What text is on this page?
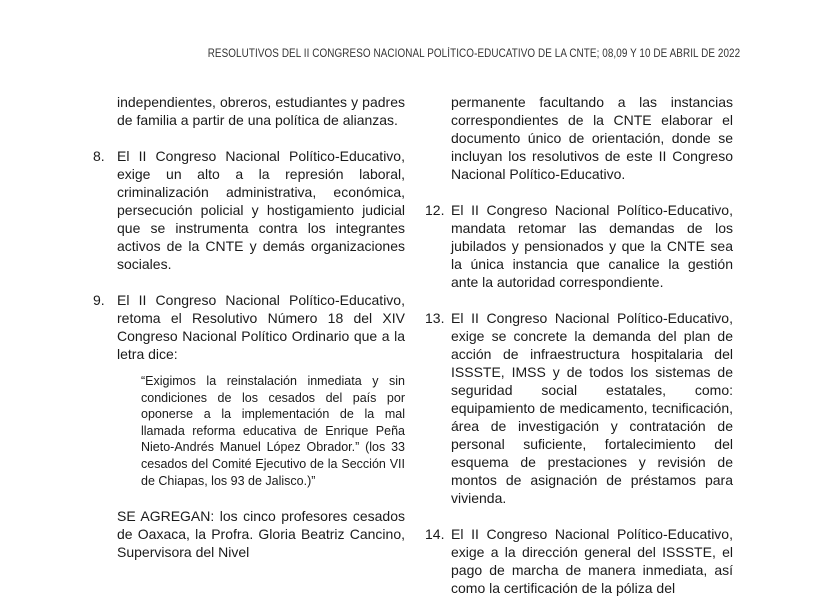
RESOLUTIVOS DEL II CONGRESO NACIONAL POLÍTICO-EDUCATIVO DE LA CNTE; 08,09 Y 10 DE ABRIL DE 2022

independientes, obreros, estudiantes y padres de familia a partir de una política de alianzas.

8. El II Congreso Nacional Político-Educativo, exige un alto a la represión laboral, criminalización administrativa, económica, persecución policial y hostigamiento judicial que se instrumenta contra los integrantes activos de la CNTE y demás organizaciones sociales.

9. El II Congreso Nacional Político-Educativo, retoma el Resolutivo Número 18 del XIV Congreso Nacional Político Ordinario que a la letra dice:

“Exigimos la reinstalación inmediata y sin condiciones de los cesados del país por oponerse a la implementación de la mal llamada reforma educativa de Enrique Peña Nieto-Andrés Manuel López Obrador.” (los 33 cesados del Comité Ejecutivo de la Sección VII de Chiapas, los 93 de Jalisco.)”

SE AGREGAN: los cinco profesores cesados de Oaxaca, la Profra. Gloria Beatriz Cancino, Supervisora del Nivel

permanente facultando a las instancias correspondientes de la CNTE elaborar el documento único de orientación, donde se incluyan los resolutivos de este II Congreso Nacional Político-Educativo.

12. El II Congreso Nacional Político-Educativo, mandata retomar las demandas de los jubilados y pensionados y que la CNTE sea la única instancia que canalice la gestión ante la autoridad correspondiente.

13. El II Congreso Nacional Político-Educativo, exige se concrete la demanda del plan de acción de infraestructura hospitalaria del ISSSTE, IMSS y de todos los sistemas de seguridad social estatales, como: equipamiento de medicamento, tecnificación, área de investigación y contratación de personal suficiente, fortalecimiento del esquema de prestaciones y revisión de montos de asignación de préstamos para vivienda.

14. El II Congreso Nacional Político-Educativo, exige a la dirección general del ISSSTE, el pago de marcha de manera inmediata, así como la certificación de la póliza del
